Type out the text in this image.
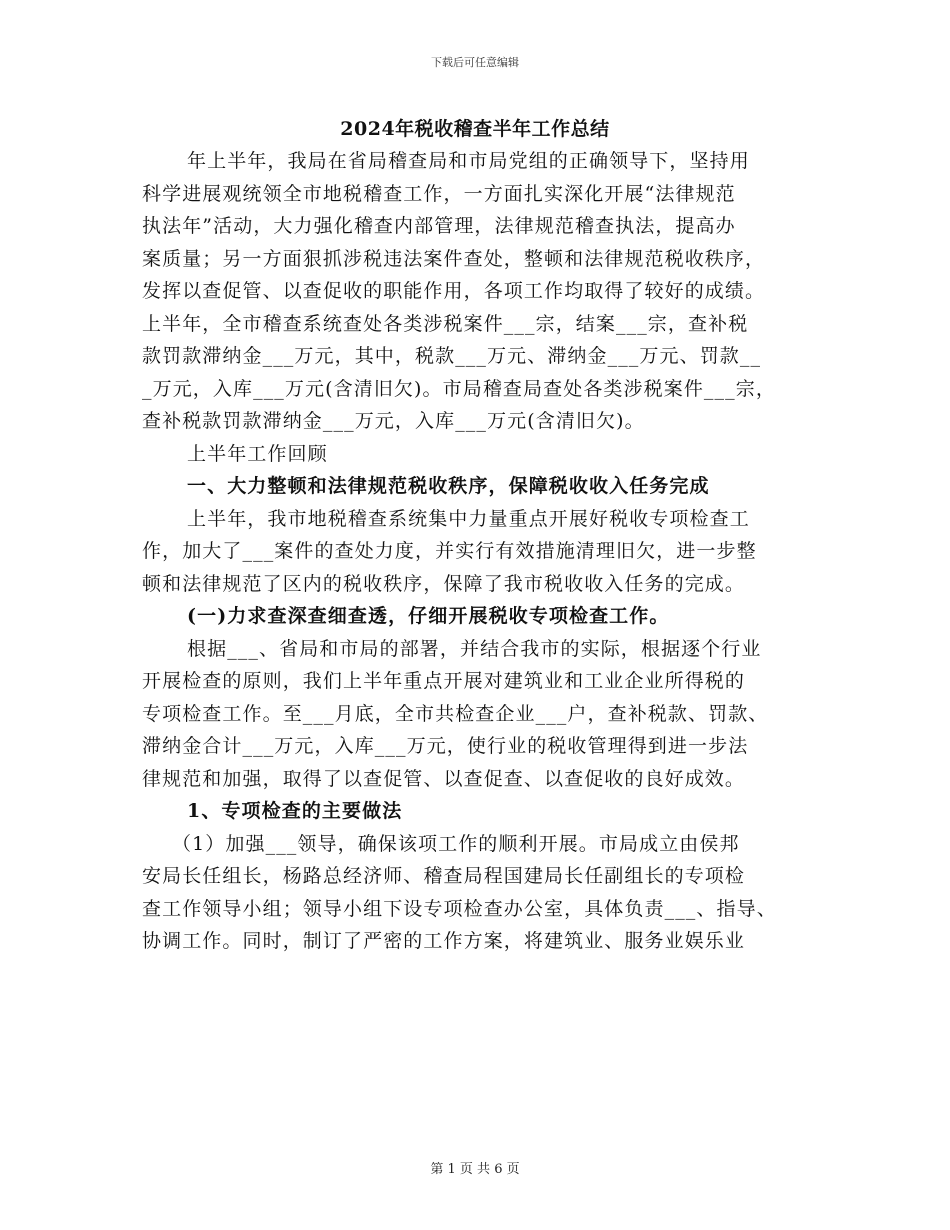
下载后可任意编辑
2024年税收稽查半年工作总结
年上半年，我局在省局稽查局和市局党组的正确领导下，坚持用
科学进展观统领全市地税稽查工作，一方面扎实深化开展“法律规范
执法年”活动，大力强化稽查内部管理，法律规范稽查执法，提高办
案质量；另一方面狠抓涉税违法案件查处，整顿和法律规范税收秩序，
发挥以查促管、以查促收的职能作用，各项工作均取得了较好的成绩。
上半年，全市稽查系统查处各类涉税案件___宗，结案___宗，查补税
款罚款滞纳金___万元，其中，税款___万元、滞纳金___万元、罚款__
_万元，入库___万元(含清旧欠)。市局稽查局查处各类涉税案件___宗，
查补税款罚款滞纳金___万元，入库___万元(含清旧欠)。
上半年工作回顾
一、大力整顿和法律规范税收秩序，保障税收收入任务完成
上半年，我市地税稽查系统集中力量重点开展好税收专项检查工
作，加大了___案件的查处力度，并实行有效措施清理旧欠，进一步整
顿和法律规范了区内的税收秩序，保障了我市税收收入任务的完成。
(一)力求查深查细查透，仔细开展税收专项检查工作。
根据___、省局和市局的部署，并结合我市的实际，根据逐个行业
开展检查的原则，我们上半年重点开展对建筑业和工业企业所得税的
专项检查工作。至___月底，全市共检查企业___户，查补税款、罚款、
滞纳金合计___万元，入库___万元，使行业的税收管理得到进一步法
律规范和加强，取得了以查促管、以查促查、以查促收的良好成效。
1、专项检查的主要做法
（1）加强___领导，确保该项工作的顺利开展。市局成立由侯邦
安局长任组长，杨路总经济师、稽查局程国建局长任副组长的专项检
查工作领导小组；领导小组下设专项检查办公室，具体负责___、指导、
协调工作。同时，制订了严密的工作方案，将建筑业、服务业娱乐业
第 1 页 共 6 页
